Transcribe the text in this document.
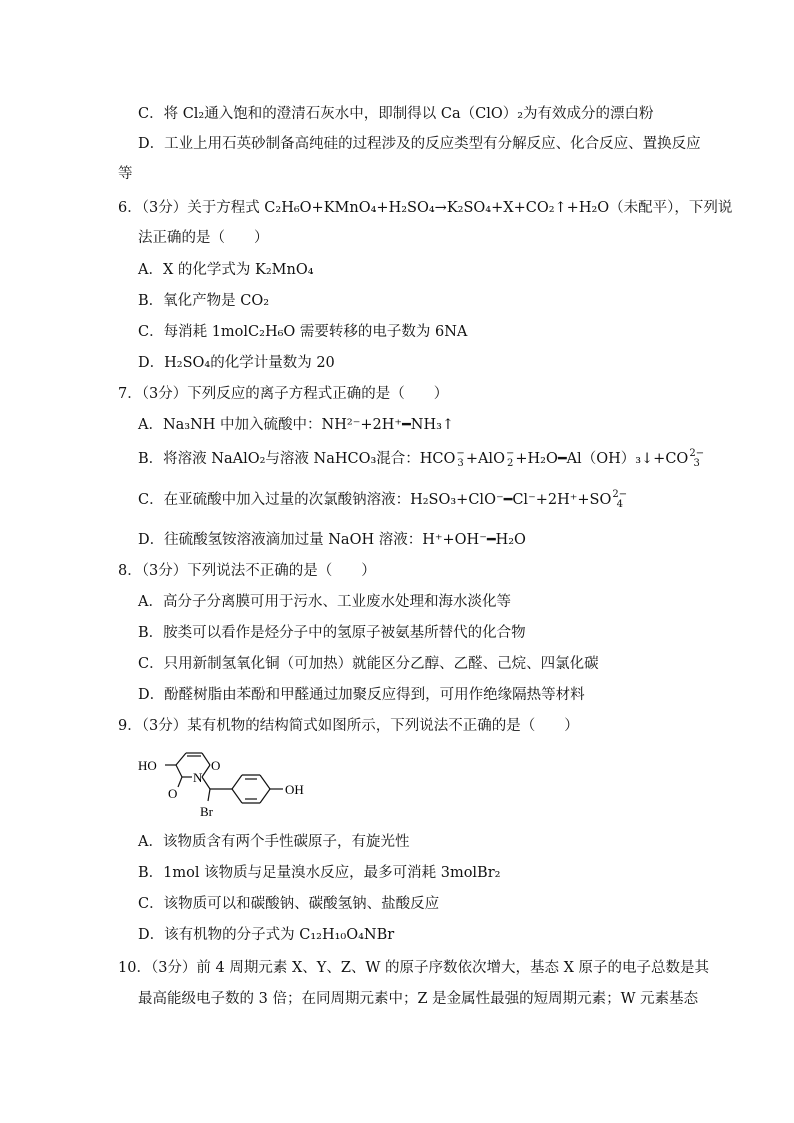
C．将 Cl₂通入饱和的澄清石灰水中，即制得以 Ca（ClO）₂为有效成分的漂白粉
D．工业上用石英砂制备高纯硅的过程涉及的反应类型有分解反应、化合反应、置换反应
等
6．（3分）关于方程式 C₂H₆O+KMnO₄+H₂SO₄→K₂SO₄+X+CO₂↑+H₂O（未配平），下列说
法正确的是（　　）
A．X 的化学式为 K₂MnO₄
B．氧化产物是 CO₂
C．每消耗 1molC₂H₆O 需要转移的电子数为 6NA
D．H₂SO₄的化学计量数为 20
7．（3分）下列反应的离子方程式正确的是（　　）
A．Na₃NH 中加入硫酸中：NH²⁻+2H⁺━NH₃↑
B．将溶液 NaAlO₂与溶液 NaHCO₃混合：HCO −
3 +AlO −
2 +H₂O━Al（OH）₃↓+CO 2−
3
C．在亚硫酸中加入过量的次氯酸钠溶液：H₂SO₃+ClO⁻━Cl⁻+2H⁺+SO 2−
4
D．往硫酸氢铵溶液滴加过量 NaOH 溶液：H⁺+OH⁻━H₂O
8．（3分）下列说法不正确的是（　　）
A．高分子分离膜可用于污水、工业废水处理和海水淡化等
B．胺类可以看作是烃分子中的氢原子被氨基所替代的化合物
C．只用新制氢氧化铜（可加热）就能区分乙醇、乙醛、己烷、四氯化碳
D．酚醛树脂由苯酚和甲醛通过加聚反应得到，可用作绝缘隔热等材料
9．（3分）某有机物的结构简式如图所示，下列说法不正确的是（　　）
HO
N
O
O
Br
OH
A．该物质含有两个手性碳原子，有旋光性
B．1mol 该物质与足量溴水反应，最多可消耗 3molBr₂
C．该物质可以和碳酸钠、碳酸氢钠、盐酸反应
D．该有机物的分子式为 C₁₂H₁₀O₄NBr
10．（3分）前 4 周期元素 X、Y、Z、W 的原子序数依次增大，基态 X 原子的电子总数是其
最高能级电子数的 3 倍；在同周期元素中；Z 是金属性最强的短周期元素；W 元素基态
